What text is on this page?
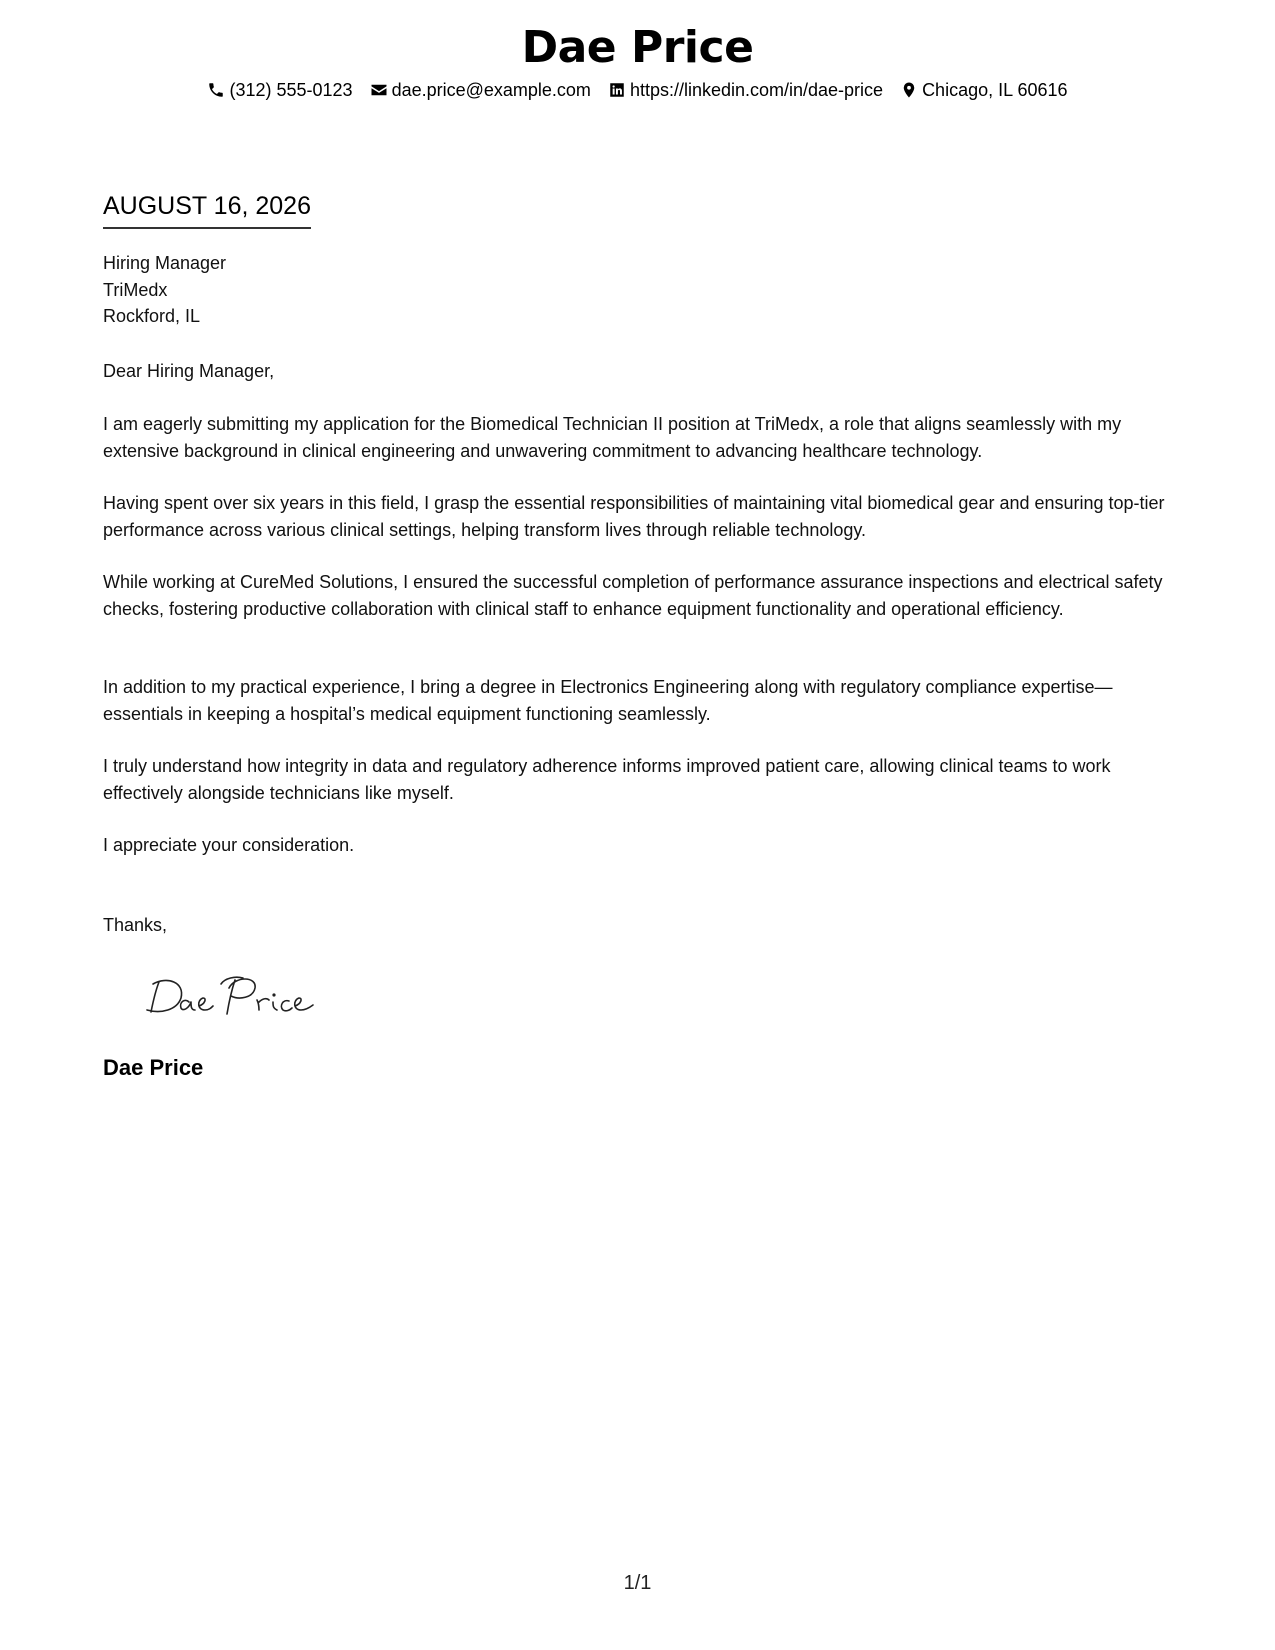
Dae Price
(312) 555-0123 dae.price@example.com https://linkedin.com/in/dae-price Chicago, IL 60616
AUGUST 16, 2026
Hiring Manager
TriMedx
Rockford, IL
Dear Hiring Manager,

I am eagerly submitting my application for the Biomedical Technician II position at TriMedx, a role that aligns seamlessly with my extensive background in clinical engineering and unwavering commitment to advancing healthcare technology.

Having spent over six years in this field, I grasp the essential responsibilities of maintaining vital biomedical gear and ensuring top-tier performance across various clinical settings, helping transform lives through reliable technology.

While working at CureMed Solutions, I ensured the successful completion of performance assurance inspections and electrical safety checks, fostering productive collaboration with clinical staff to enhance equipment functionality and operational efficiency.

In addition to my practical experience, I bring a degree in Electronics Engineering along with regulatory compliance expertise—essentials in keeping a hospital’s medical equipment functioning seamlessly.

I truly understand how integrity in data and regulatory adherence informs improved patient care, allowing clinical teams to work effectively alongside technicians like myself.

I appreciate your consideration.
Thanks,
Dae Price
1/1
